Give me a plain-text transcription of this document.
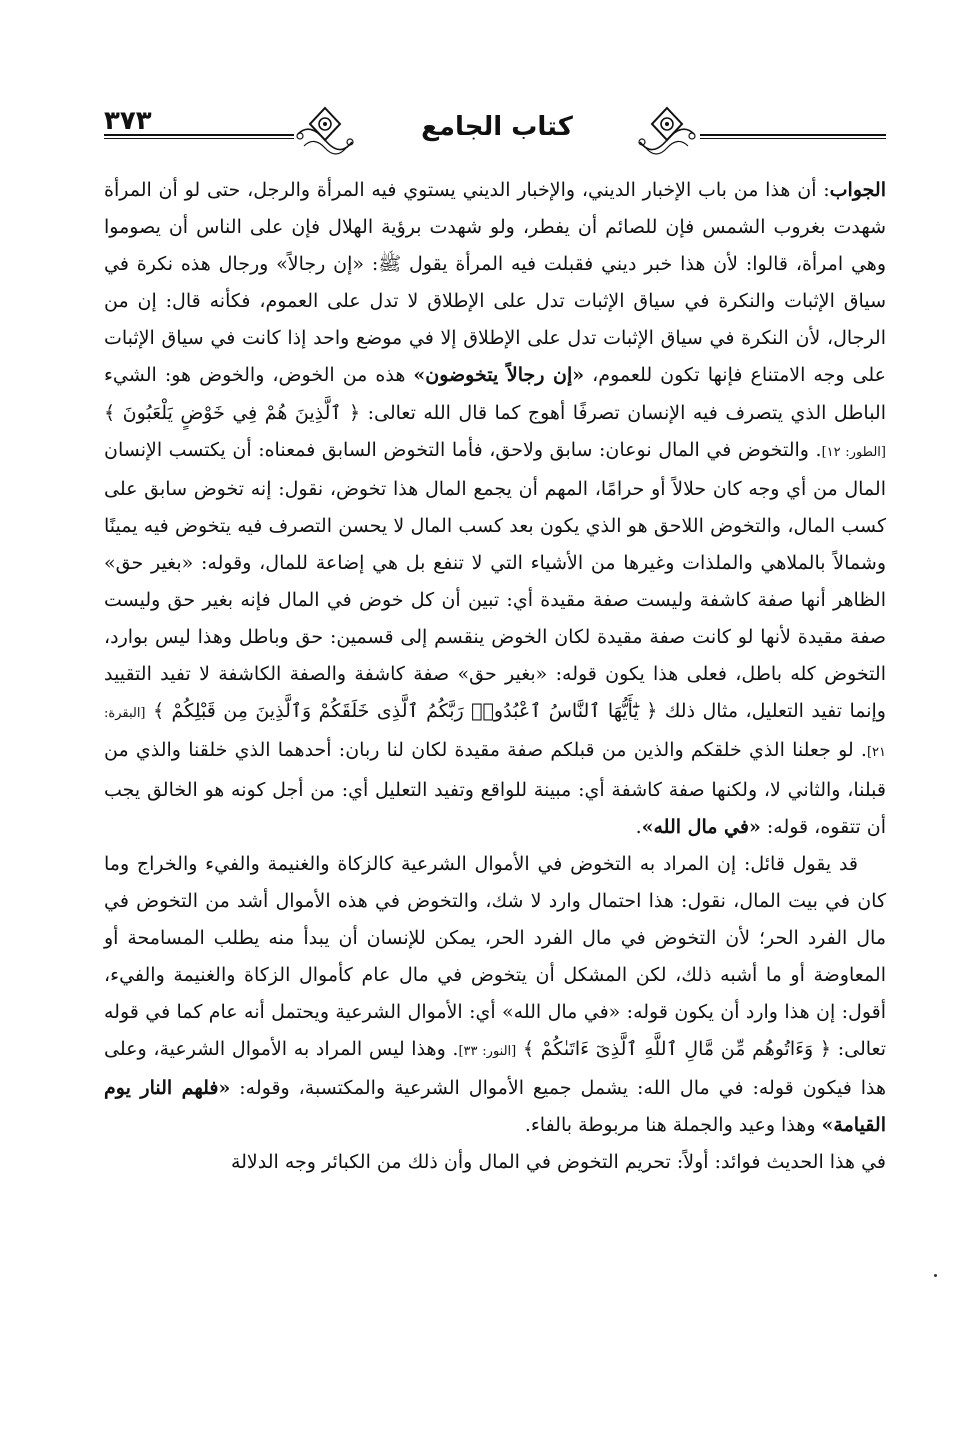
٣٧٣	كتاب الجامع

الجواب: أن هذا من باب الإخبار الديني، والإخبار الديني يستوي فيه المرأة والرجل، حتى لو أن المرأة شهدت بغروب الشمس فإن للصائم أن يفطر، ولو شهدت برؤية الهلال فإن على الناس أن يصوموا وهي امرأة، قالوا: لأن هذا خبر ديني فقبلت فيه المرأة يقول ﷺ: «إن رجالاً» ورجال هذه نكرة في سياق الإثبات والنكرة في سياق الإثبات تدل على الإطلاق لا تدل على العموم، فكأنه قال: إن من الرجال، لأن النكرة في سياق الإثبات تدل على الإطلاق إلا في موضع واحد إذا كانت في سياق الإثبات على وجه الامتناع فإنها تكون للعموم، «إن رجالاً يتخوضون» هذه من الخوض، والخوض هو: الشيء الباطل الذي يتصرف فيه الإنسان تصرفًا أهوج كما قال الله تعالى: ﴿ ٱلَّذِينَ هُمْ فِي خَوْضٍ يَلْعَبُونَ ﴾ [الطور: ١٢]. والتخوض في المال نوعان: سابق ولاحق، فأما التخوض السابق فمعناه: أن يكتسب الإنسان المال من أي وجه كان حلالاً أو حرامًا، المهم أن يجمع المال هذا تخوض، نقول: إنه تخوض سابق على كسب المال، والتخوض اللاحق هو الذي يكون بعد كسب المال لا يحسن التصرف فيه يتخوض فيه يمينًا وشمالاً بالملاهي والملذات وغيرها من الأشياء التي لا تنفع بل هي إضاعة للمال، وقوله: «بغير حق» الظاهر أنها صفة كاشفة وليست صفة مقيدة أي: تبين أن كل خوض في المال فإنه بغير حق وليست صفة مقيدة لأنها لو كانت صفة مقيدة لكان الخوض ينقسم إلى قسمين: حق وباطل وهذا ليس بوارد، التخوض كله باطل، فعلى هذا يكون قوله: «بغير حق» صفة كاشفة والصفة الكاشفة لا تفيد التقييد وإنما تفيد التعليل، مثال ذلك ﴿ يَٰٓأَيُّهَا ٱلنَّاسُ ٱعْبُدُوا۟ رَبَّكُمُ ٱلَّذِى خَلَقَكُمْ وَٱلَّذِينَ مِن قَبْلِكُمْ ﴾ [البقرة: ٢١]. لو جعلنا الذي خلقكم والذين من قبلكم صفة مقيدة لكان لنا ربان: أحدهما الذي خلقنا والذي من قبلنا، والثاني لا، ولكنها صفة كاشفة أي: مبينة للواقع وتفيد التعليل أي: من أجل كونه هو الخالق يجب أن تتقوه، قوله: «في مال الله».

قد يقول قائل: إن المراد به التخوض في الأموال الشرعية كالزكاة والغنيمة والفيء والخراج وما كان في بيت المال، نقول: هذا احتمال وارد لا شك، والتخوض في هذه الأموال أشد من التخوض في مال الفرد الحر؛ لأن التخوض في مال الفرد الحر، يمكن للإنسان أن يبدأ منه يطلب المسامحة أو المعاوضة أو ما أشبه ذلك، لكن المشكل أن يتخوض في مال عام كأموال الزكاة والغنيمة والفيء، أقول: إن هذا وارد أن يكون قوله: «في مال الله» أي: الأموال الشرعية ويحتمل أنه عام كما في قوله تعالى: ﴿ وَءَاتُوهُم مِّن مَّالِ ٱللَّهِ ٱلَّذِىٓ ءَاتَىٰكُمْ ﴾ [النور: ٣٣]. وهذا ليس المراد به الأموال الشرعية، وعلى هذا فيكون قوله: في مال الله: يشمل جميع الأموال الشرعية والمكتسبة، وقوله: «فلهم النار يوم القيامة» وهذا وعيد والجملة هنا مربوطة بالفاء.

في هذا الحديث فوائد: أولاً: تحريم التخوض في المال وأن ذلك من الكبائر وجه الدلالة
